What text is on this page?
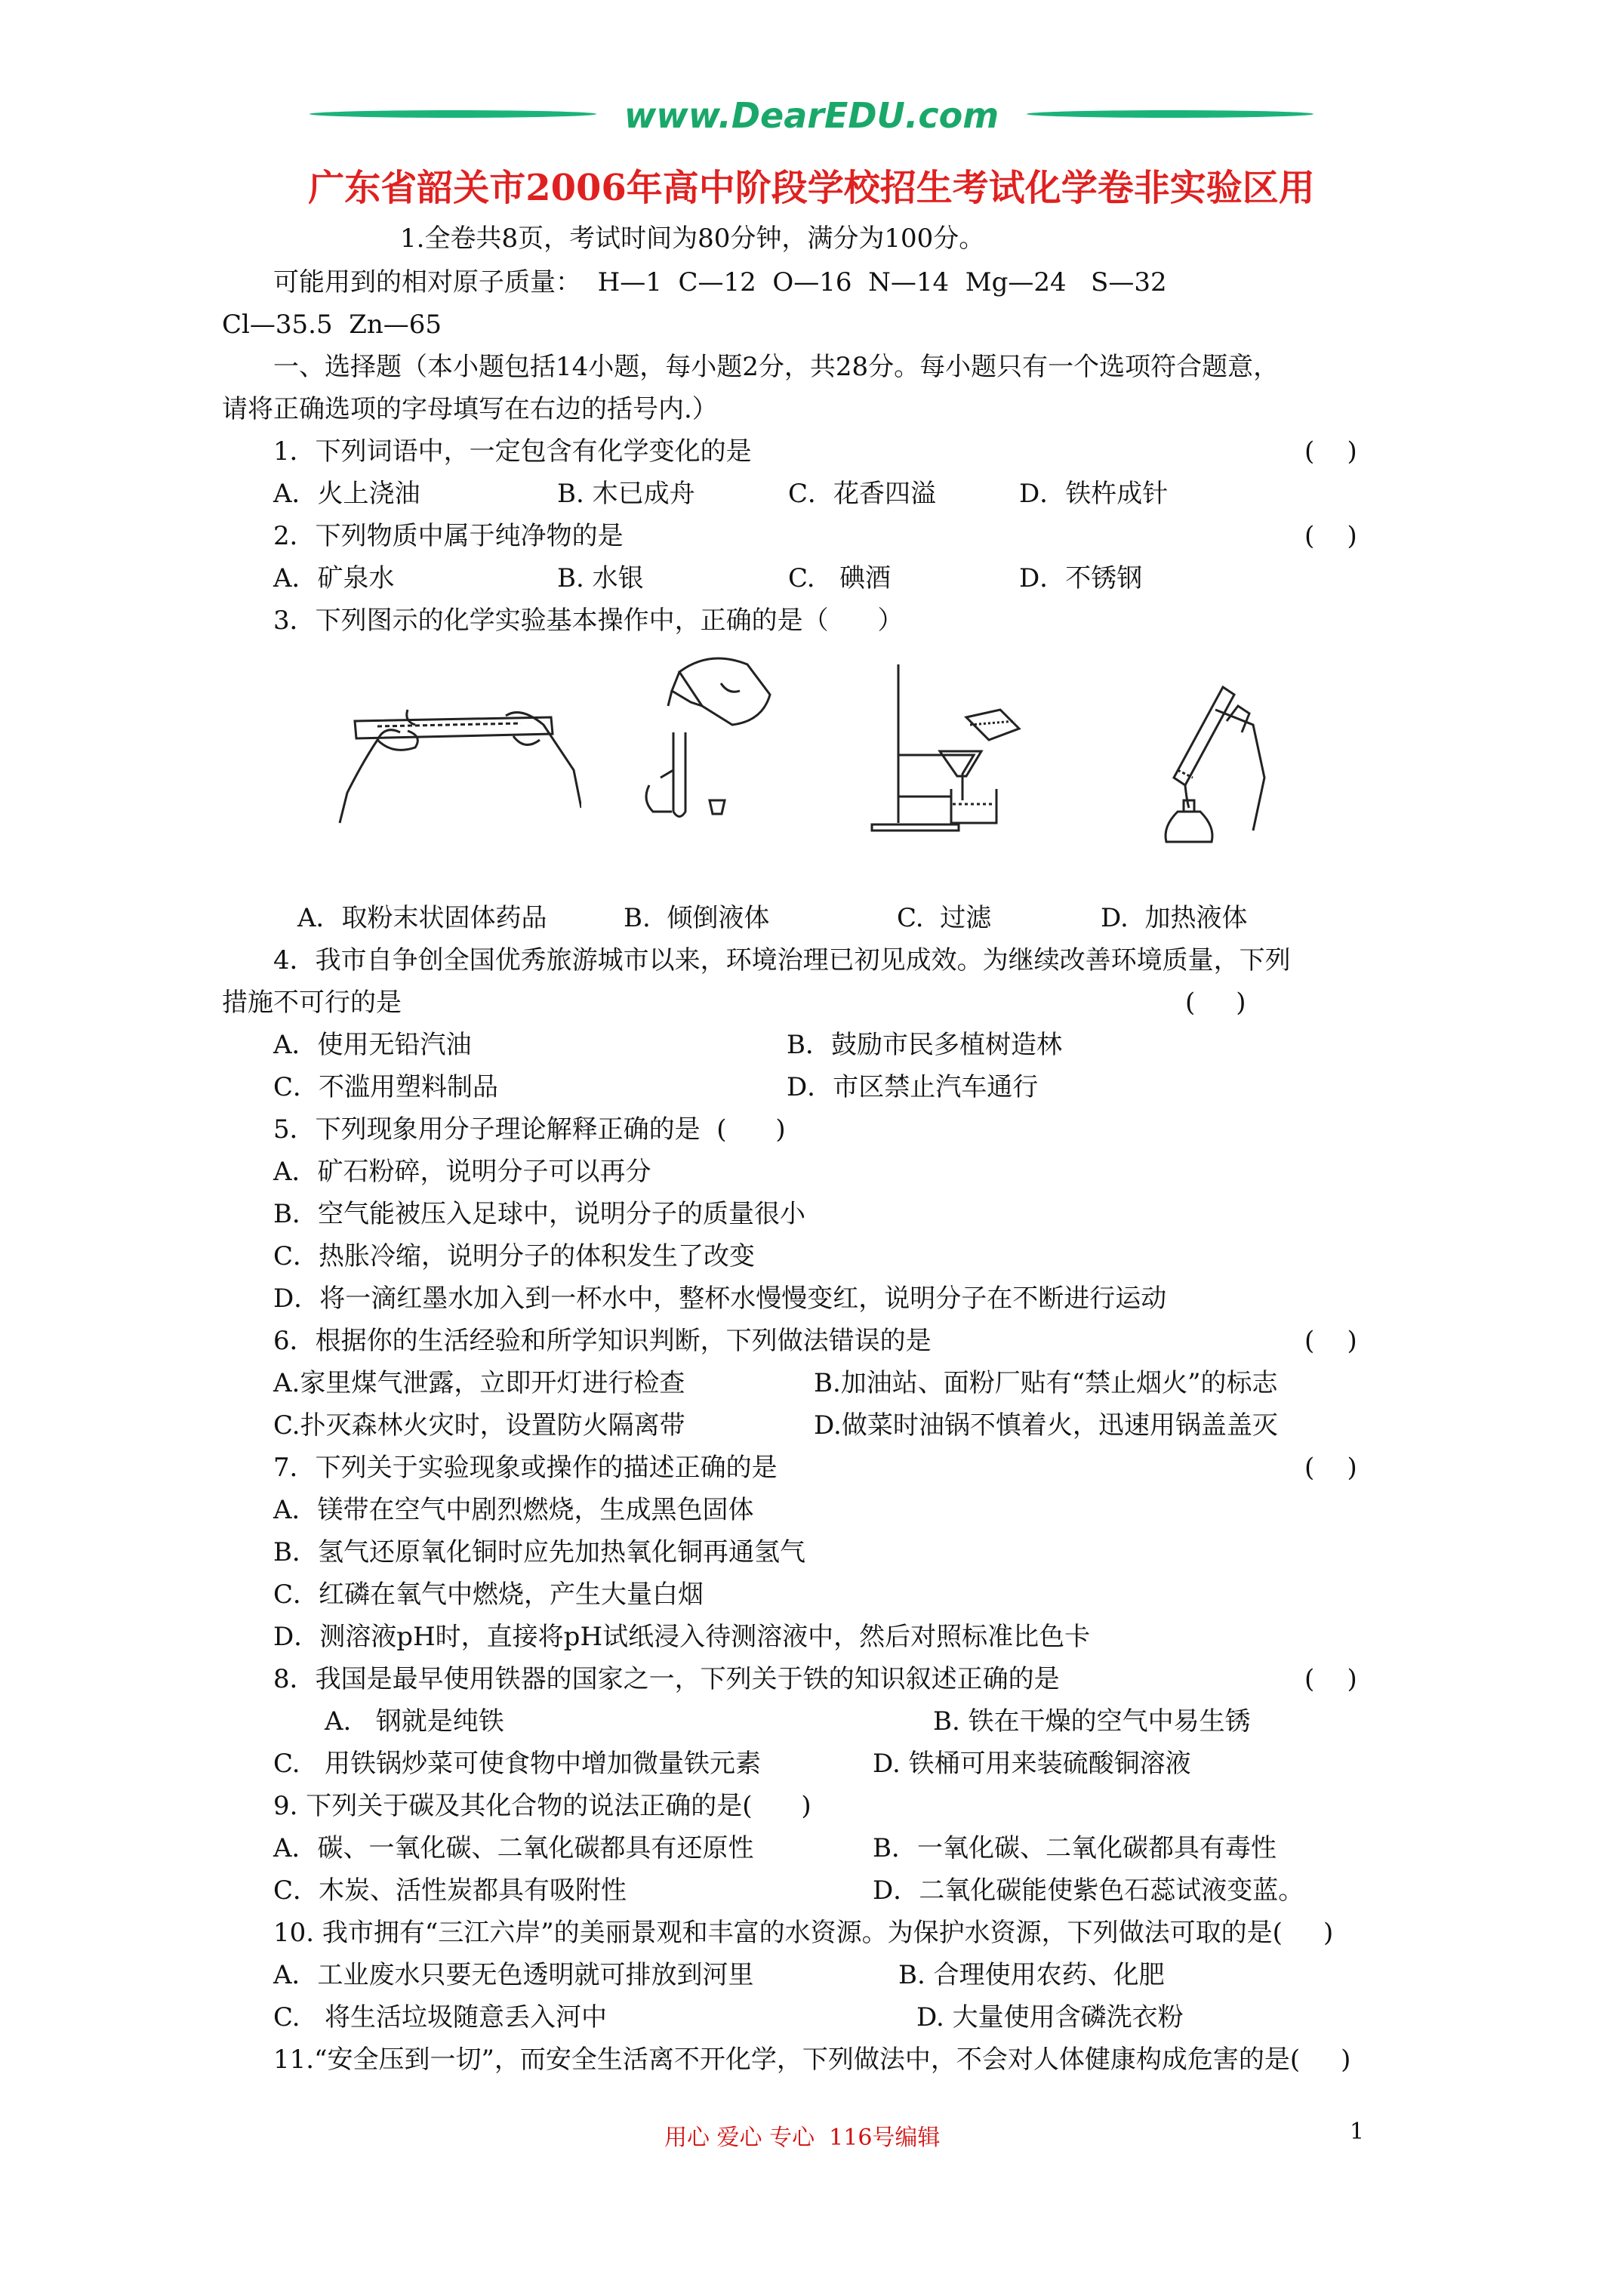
www.DearEDU.com
广东省韶关市2006年高中阶段学校招生考试化学卷非实验区用
1.全卷共8页，考试时间为80分钟，满分为100分。
可能用到的相对原子质量：  H—1  C—12  O—16  N—14  Mg—24   S—32
Cl—35.5  Zn—65
一、选择题（本小题包括14小题，每小题2分，共28分。每小题只有一个选项符合题意，
请将正确选项的字母填写在右边的括号内.）
1．下列词语中，一定包含有化学变化的是	(    )
A．火上浇油	B. 木已成舟	C．花香四溢	D．铁杵成针
2．下列物质中属于纯净物的是	(    )
A．矿泉水	B. 水银	C.   碘酒	D．不锈钢
3．下列图示的化学实验基本操作中，正确的是（      ）
A．取粉末状固体药品	B.  倾倒液体	C.  过滤	D.  加热液体
4．我市自争创全国优秀旅游城市以来，环境治理已初见成效。为继续改善环境质量，下列
措施不可行的是	(     )
A．使用无铅汽油	B．鼓励市民多植树造林
C．不滥用塑料制品	D．市区禁止汽车通行
5．下列现象用分子理论解释正确的是  (      )
A．矿石粉碎，说明分子可以再分
B．空气能被压入足球中，说明分子的质量很小
C．热胀冷缩，说明分子的体积发生了改变
D．将一滴红墨水加入到一杯水中，整杯水慢慢变红，说明分子在不断进行运动
6．根据你的生活经验和所学知识判断，下列做法错误的是	(    )
A.家里煤气泄露，立即开灯进行检查	B.加油站、面粉厂贴有“禁止烟火”的标志
C.扑灭森林火灾时，设置防火隔离带	D.做菜时油锅不慎着火，迅速用锅盖盖灭
7．下列关于实验现象或操作的描述正确的是	(    )
A．镁带在空气中剧烈燃烧，生成黑色固体
B．氢气还原氧化铜时应先加热氧化铜再通氢气
C．红磷在氧气中燃烧，产生大量白烟
D．测溶液pH时，直接将pH试纸浸入待测溶液中，然后对照标准比色卡
8．我国是最早使用铁器的国家之一，下列关于铁的知识叙述正确的是	(    )
A.   钢就是纯铁	B. 铁在干燥的空气中易生锈
C.   用铁锅炒菜可使食物中增加微量铁元素	D. 铁桶可用来装硫酸铜溶液
9. 下列关于碳及其化合物的说法正确的是(      )
A．碳、一氧化碳、二氧化碳都具有还原性	B．一氧化碳、二氧化碳都具有毒性
C．木炭、活性炭都具有吸附性	D．二氧化碳能使紫色石蕊试液变蓝。
10. 我市拥有“三江六岸”的美丽景观和丰富的水资源。为保护水资源，下列做法可取的是(     )
A．工业废水只要无色透明就可排放到河里	B. 合理使用农药、化肥
C.   将生活垃圾随意丢入河中	D. 大量使用含磷洗衣粉
11.“安全压到一切”，而安全生活离不开化学，下列做法中，不会对人体健康构成危害的是(     )
用心 爱心 专心  116号编辑	1
